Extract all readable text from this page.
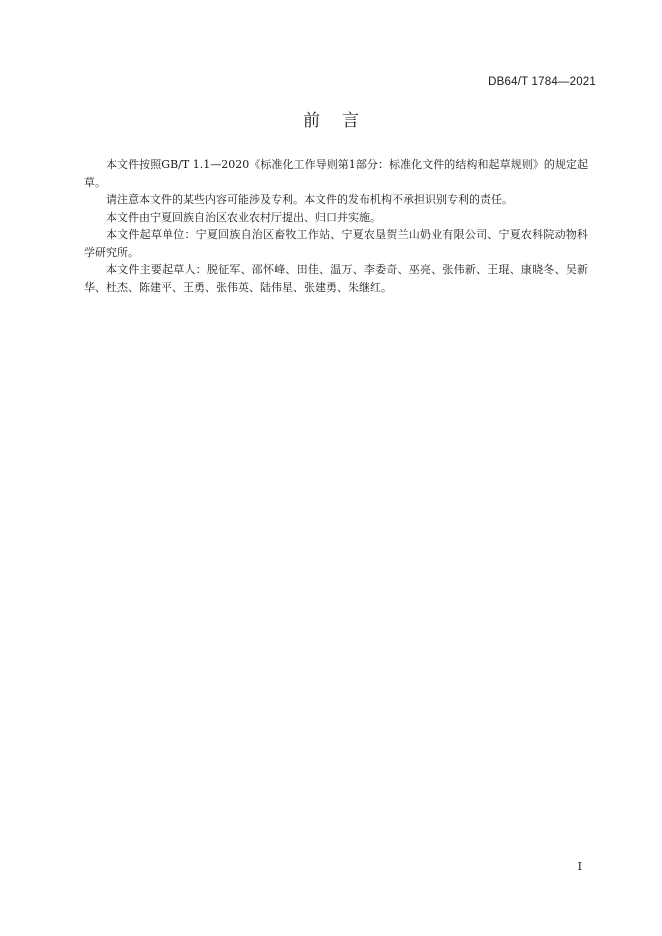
DB64/T 1784—2021
前言

本文件按照GB/T 1.1—2020《标准化工作导则第1部分：标准化文件的结构和起草规则》的规定起草。

请注意本文件的某些内容可能涉及专利。本文件的发布机构不承担识别专利的责任。

本文件由宁夏回族自治区农业农村厅提出、归口并实施。

本文件起草单位：宁夏回族自治区畜牧工作站、宁夏农垦贺兰山奶业有限公司、宁夏农科院动物科学研究所。

本文件主要起草人：脱征军、邵怀峰、田佳、温万、李委奇、巫亮、张伟新、王琨、康晓冬、吴新华、杜杰、陈建平、王勇、张伟英、陆伟星、张建勇、朱继红。

I
